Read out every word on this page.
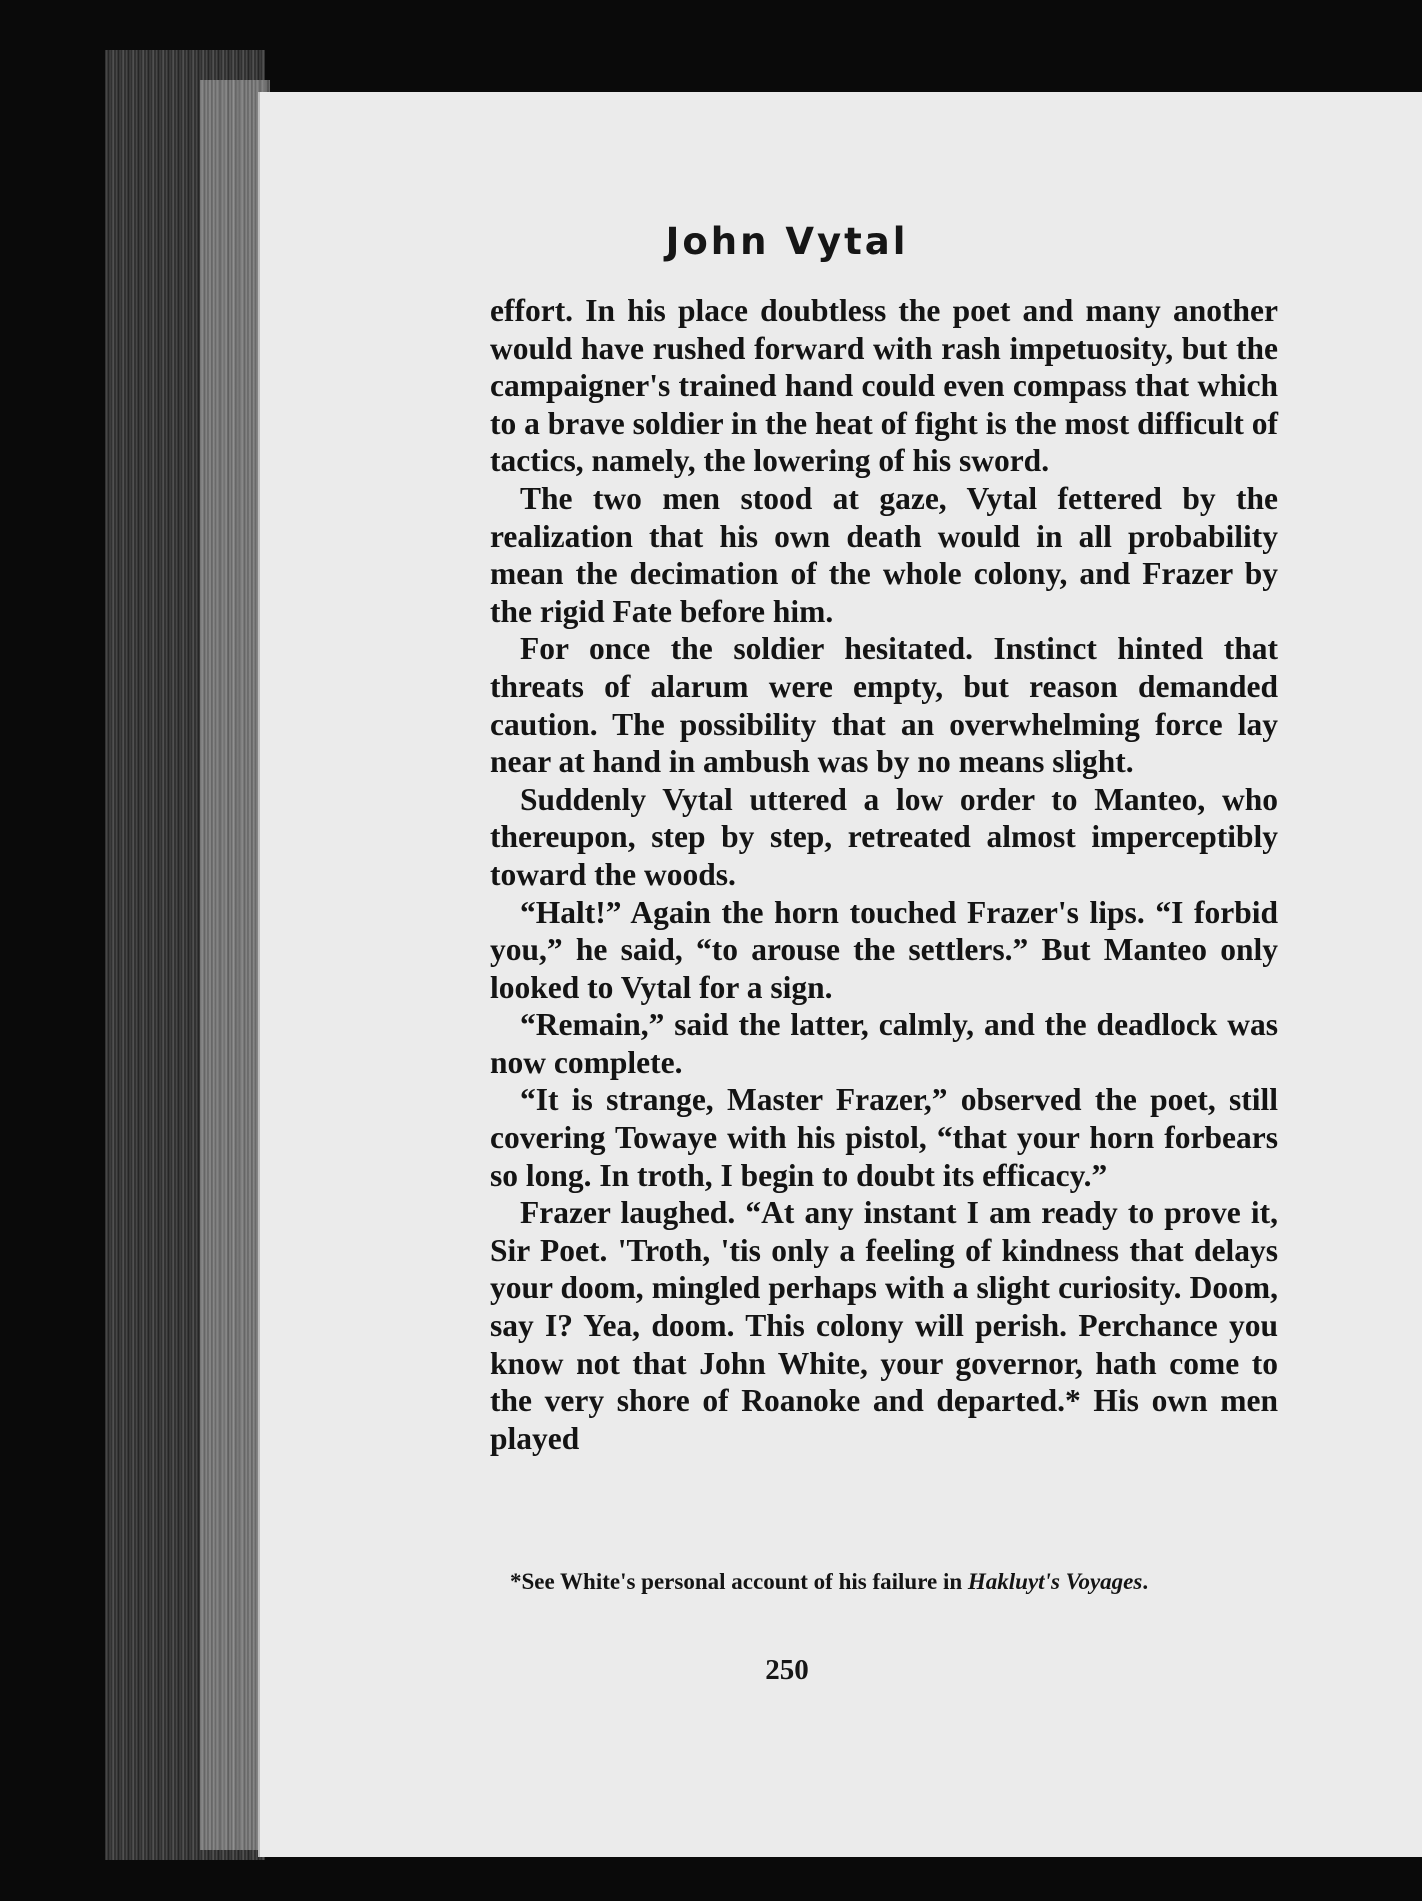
John Vytal

effort. In his place doubtless the poet and many another would have rushed forward with rash impetuosity, but the campaigner's trained hand could even compass that which to a brave soldier in the heat of fight is the most difficult of tactics, namely, the lowering of his sword.

The two men stood at gaze, Vytal fettered by the realization that his own death would in all probability mean the decimation of the whole colony, and Frazer by the rigid Fate before him.

For once the soldier hesitated. Instinct hinted that threats of alarum were empty, but reason demanded caution. The possibility that an overwhelming force lay near at hand in ambush was by no means slight.

Suddenly Vytal uttered a low order to Manteo, who thereupon, step by step, retreated almost imperceptibly toward the woods.

“Halt!” Again the horn touched Frazer's lips. “I forbid you,” he said, “to arouse the settlers.” But Manteo only looked to Vytal for a sign.

“Remain,” said the latter, calmly, and the deadlock was now complete.

“It is strange, Master Frazer,” observed the poet, still covering Towaye with his pistol, “that your horn forbears so long. In troth, I begin to doubt its efficacy.”

Frazer laughed. “At any instant I am ready to prove it, Sir Poet. 'Troth, 'tis only a feeling of kindness that delays your doom, mingled perhaps with a slight curiosity. Doom, say I? Yea, doom. This colony will perish. Perchance you know not that John White, your governor, hath come to the very shore of Roanoke and departed.* His own men played

*See White's personal account of his failure in Hakluyt's Voyages.
250
